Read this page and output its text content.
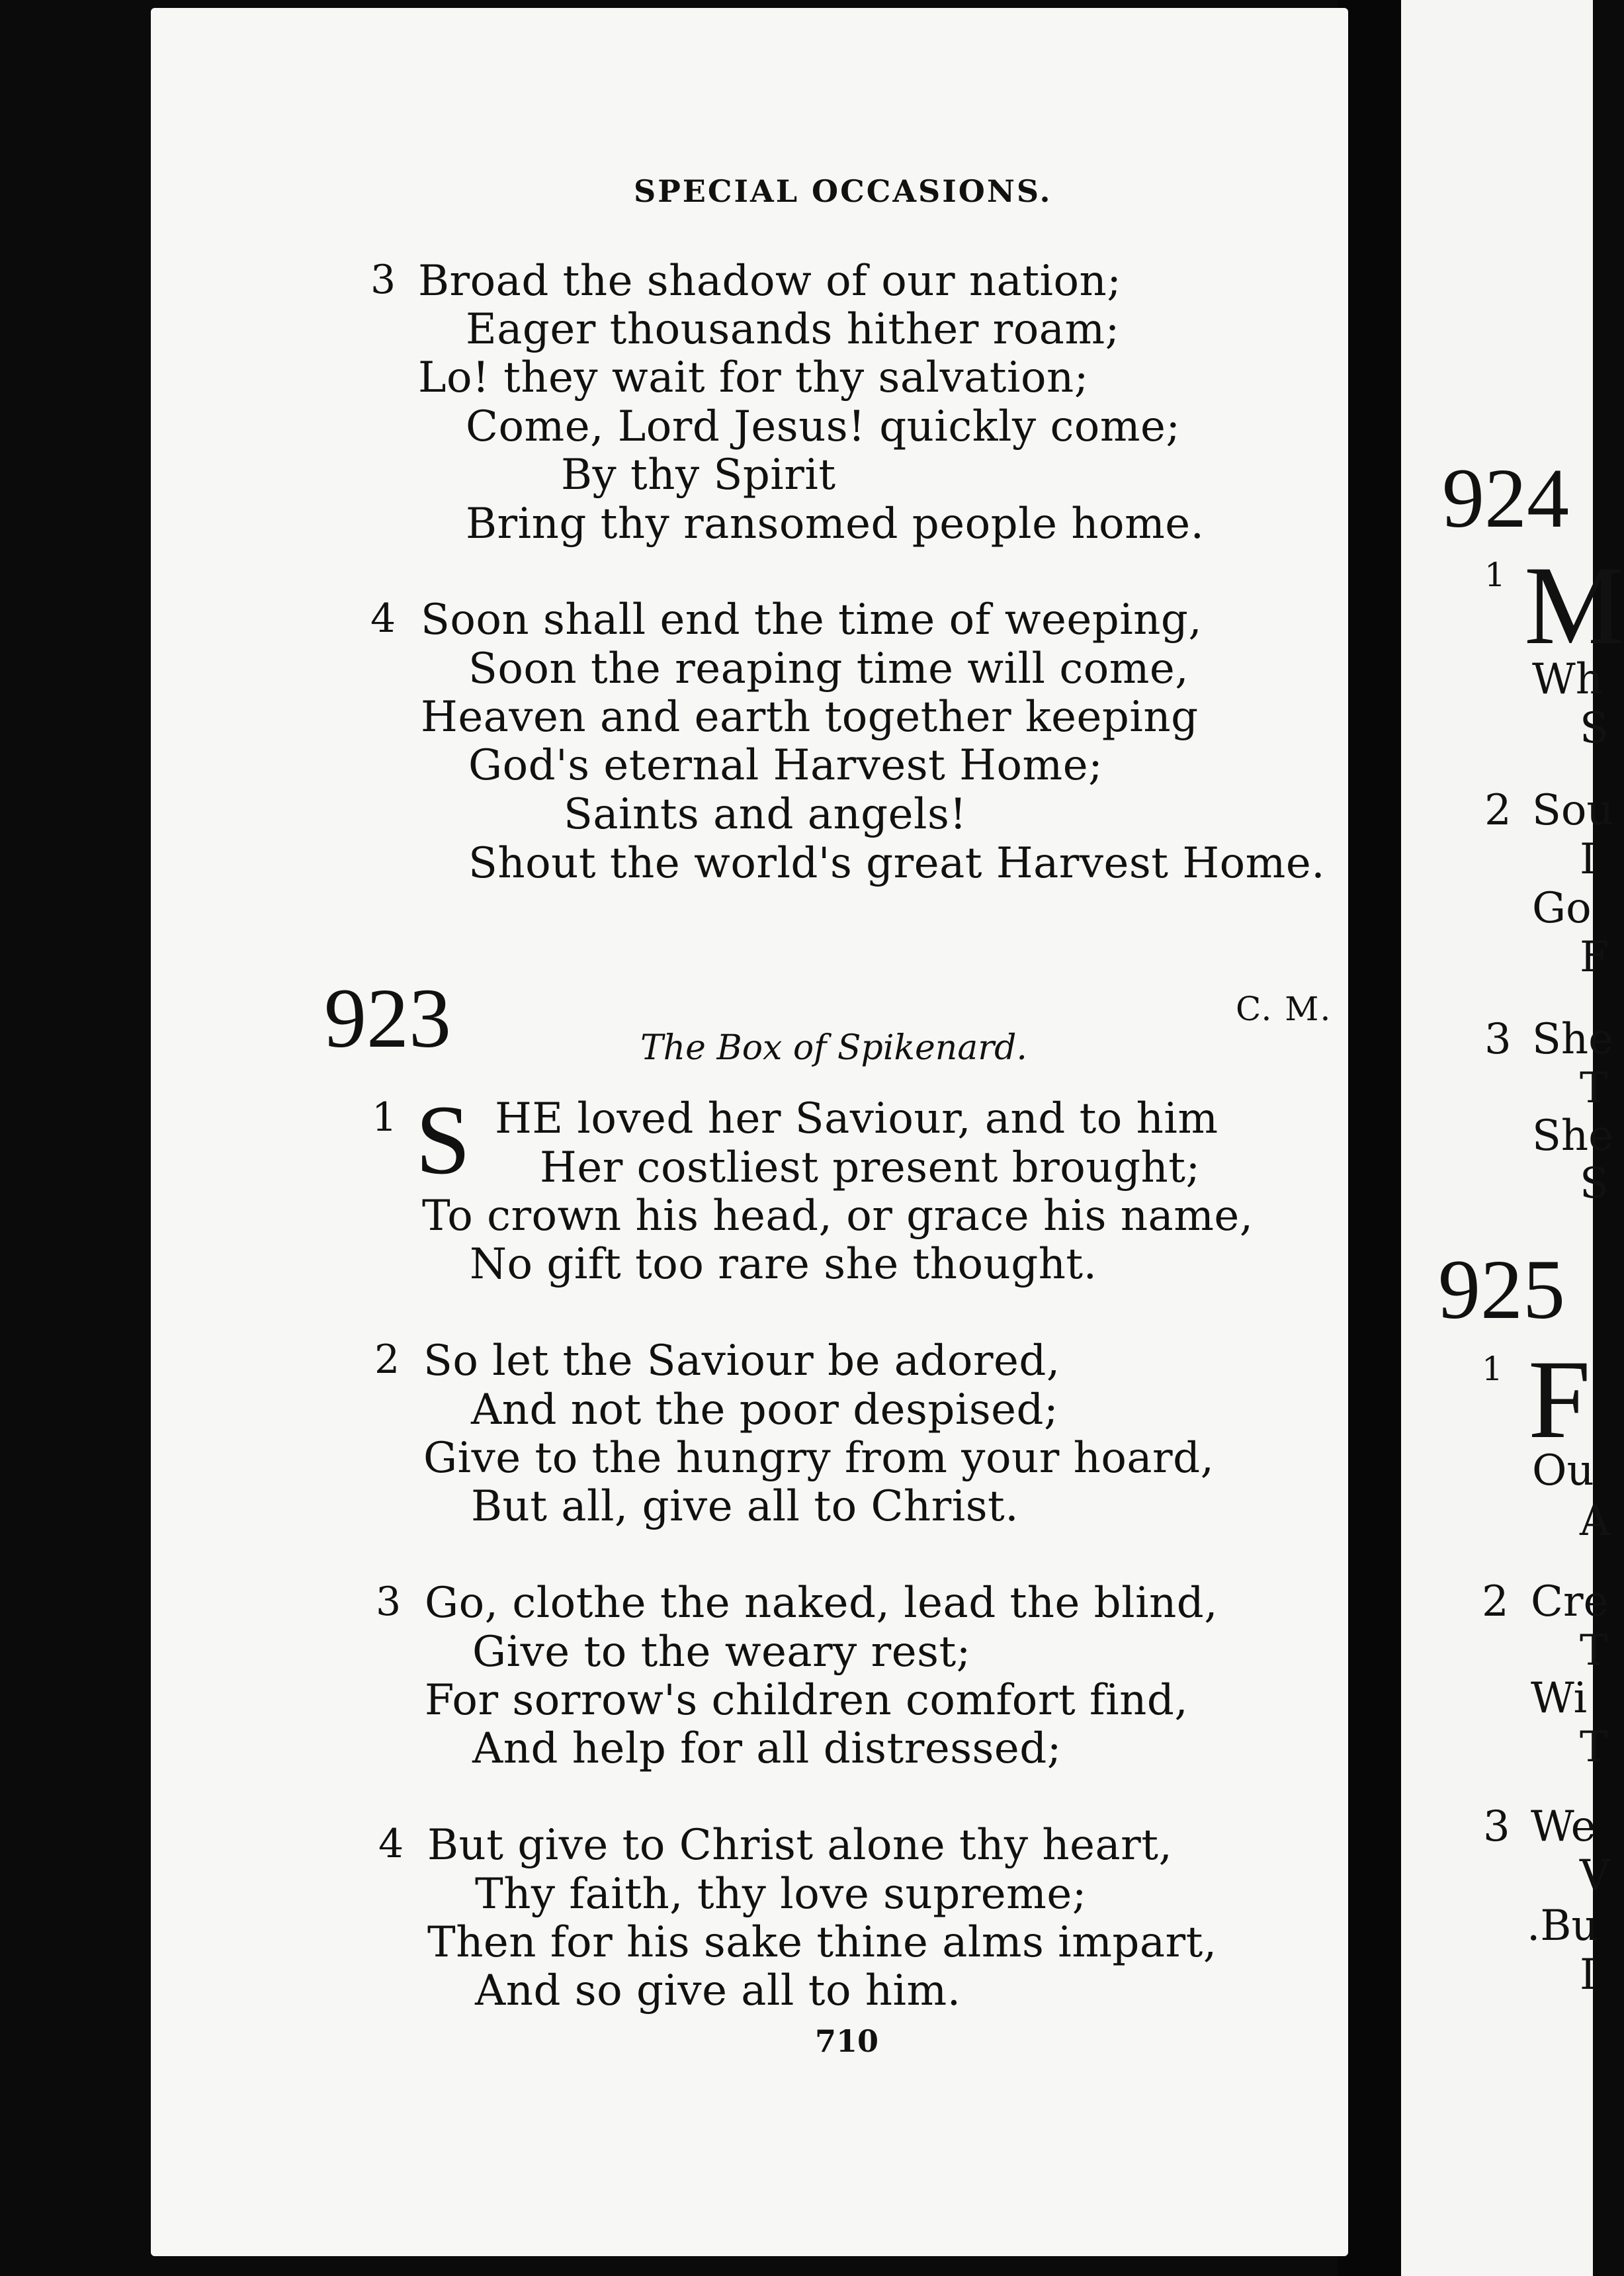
SPECIAL OCCASIONS.
3 Broad the shadow of our nation;
Eager thousands hither roam;
Lo! they wait for thy salvation;
Come, Lord Jesus! quickly come;
By thy Spirit
Bring thy ransomed people home.
4 Soon shall end the time of weeping,
Soon the reaping time will come,
Heaven and earth together keeping
God's eternal Harvest Home;
Saints and angels!
Shout the world's great Harvest Home.
923	C. M.
The Box of Spikenard.
1 S HE loved her Saviour, and to him
Her costliest present brought;
To crown his head, or grace his name,
No gift too rare she thought.
2 So let the Saviour be adored,
And not the poor despised;
Give to the hungry from your hoard,
But all, give all to Christ.
3 Go, clothe the naked, lead the blind,
Give to the weary rest;
For sorrow's children comfort find,
And help for all distressed;
4 But give to Christ alone thy heart,
Thy faith, thy love supreme;
Then for his sake thine alms impart,
And so give all to him.
710
924
1 M
Wh
S
2 Sou
I
Go
F
3 She
T
She
S
925
1 F
Ou
A
2 Cre
T
Wi
T
3 We
V
.Bu
I
